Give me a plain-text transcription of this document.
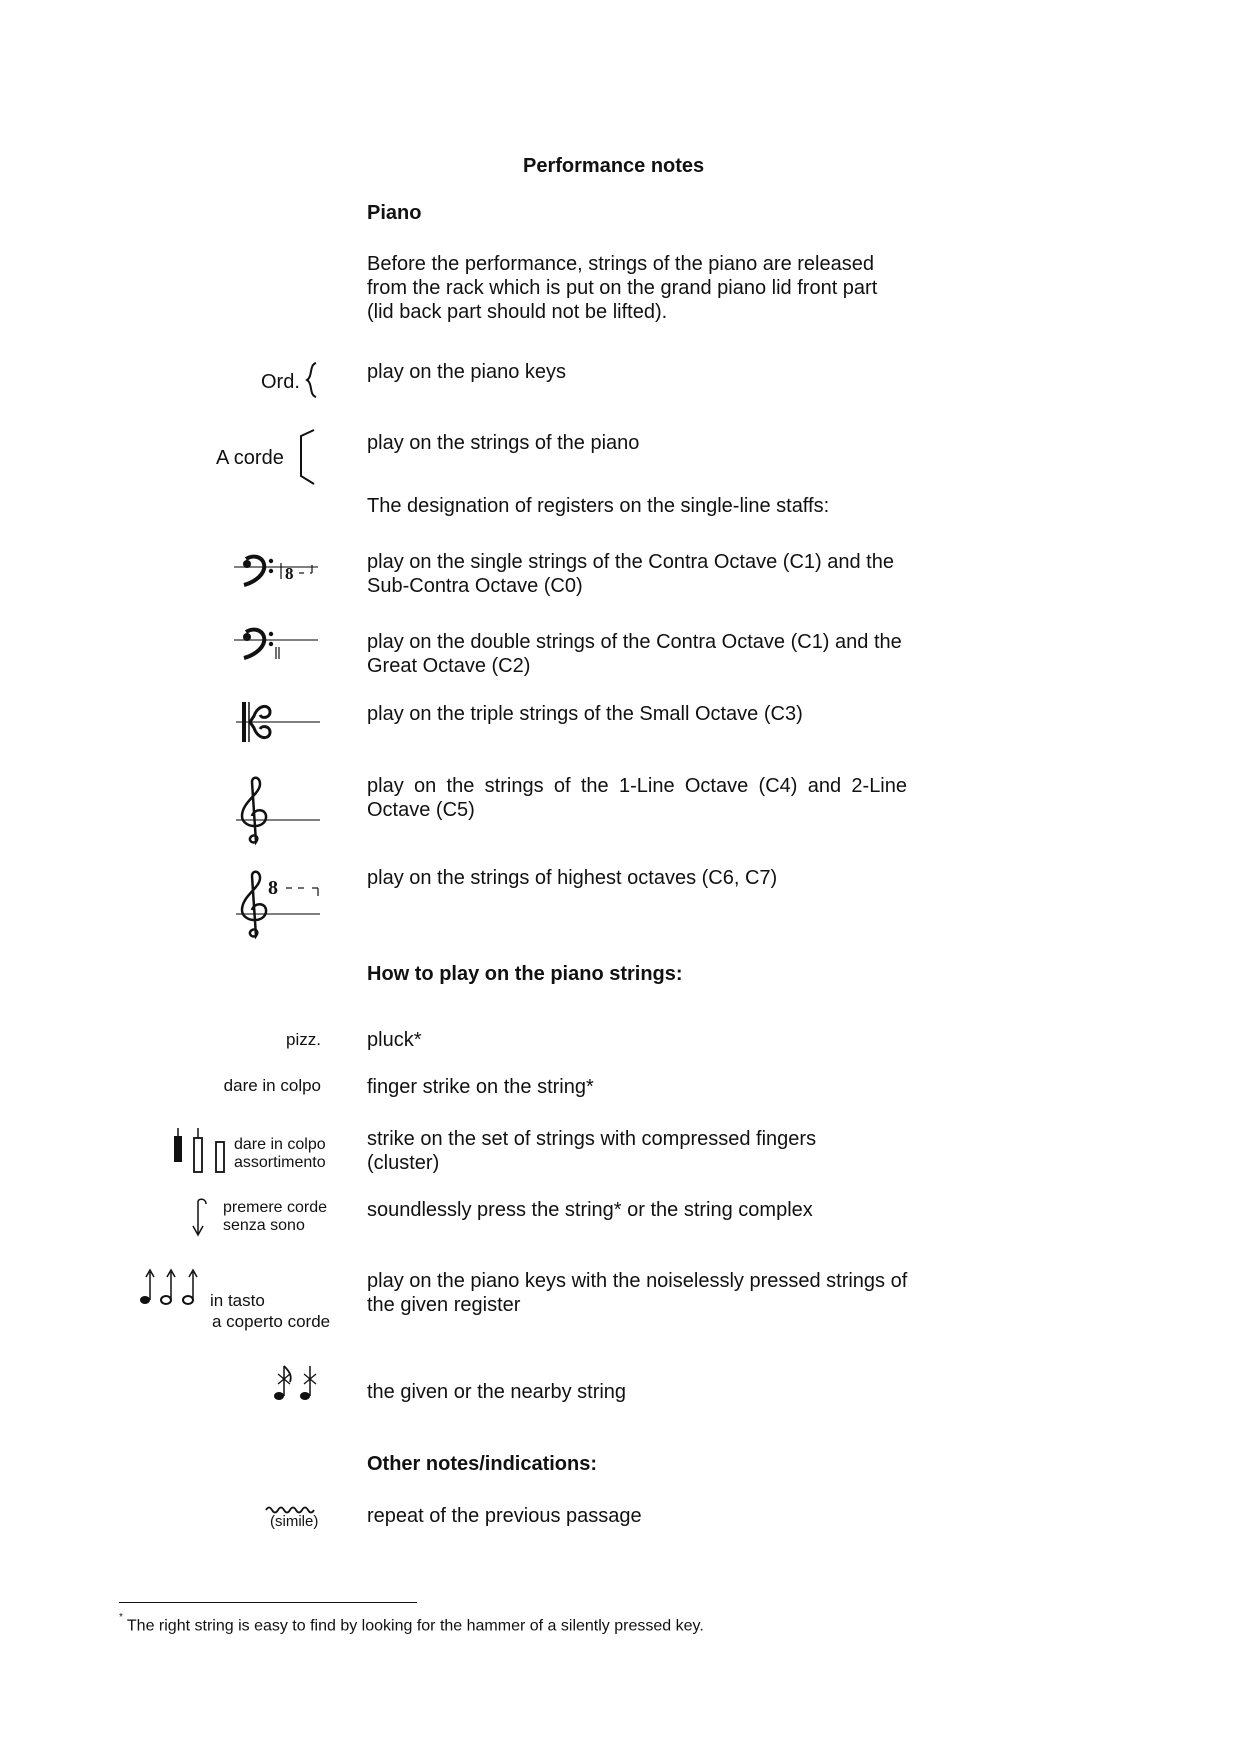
Performance notes
Piano
Before the performance, strings of the piano are released from the rack which is put on the grand piano lid front part (lid back part should not be lifted).
Ord.	play on the piano keys
A corde
play on the strings of the piano
The designation of registers on the single-line staffs:
8
play on the single strings of the Contra Octave (C1) and the Sub-Contra Octave (C0)
play on the double strings of the Contra Octave (C1) and the Great Octave (C2)
play on the triple strings of the Small Octave (C3)
play on the strings of the 1-Line Octave (C4) and 2-Line Octave (C5)
8	play on the strings of highest octaves (C6, C7)
How to play on the piano strings:
pizz. pluck*
dare in colpo finger strike on the string*
dare in colpo
assortimento
strike on the set of strings with compressed fingers (cluster)
premere corde
senza sono
soundlessly press the string* or the string complex
in tasto
a coperto corde
play on the piano keys with the noiselessly pressed strings of the given register
the given or the nearby string
Other notes/indications:
(simile) repeat of the previous passage
* The right string is easy to find by looking for the hammer of a silently pressed key.
